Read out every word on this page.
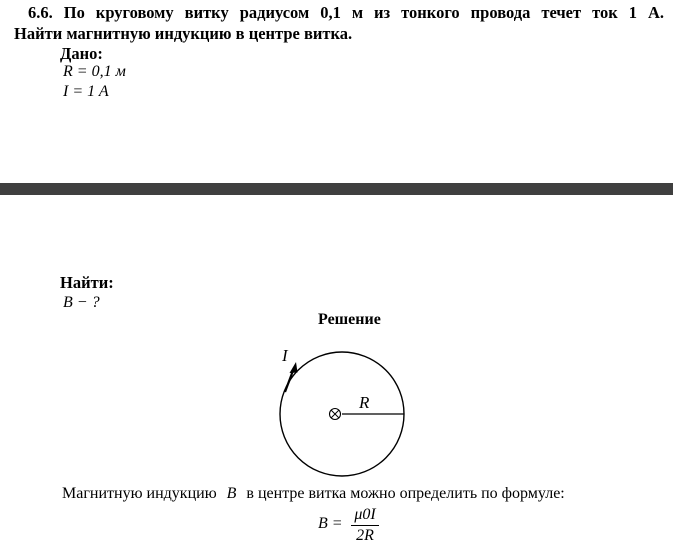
6.6. По круговому витку радиусом 0,1 м из тонкого провода течет ток 1 А.
Найти магнитную индукцию в центре витка.
Дано:
R = 0,1 м
I = 1 A
Найти:
B − ?
Решение
I
R
Магнитную индукцию B в центре витка можно определить по формуле:
B =
μ0I
2R
